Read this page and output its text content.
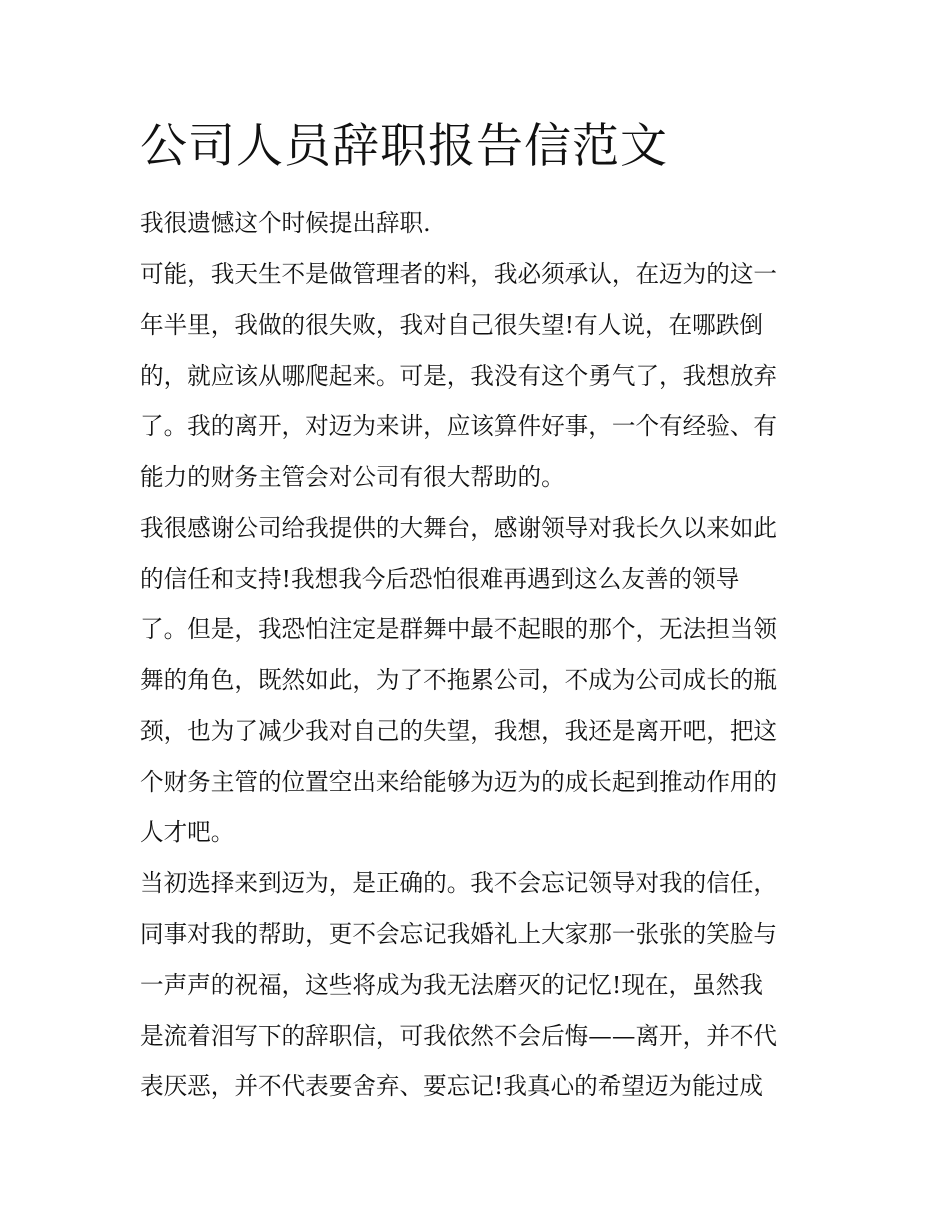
公司人员辞职报告信范文

我很遗憾这个时候提出辞职.

可能，我天生不是做管理者的料，我必须承认，在迈为的这一

年半里，我做的很失败，我对自己很失望!有人说，在哪跌倒

的，就应该从哪爬起来。可是，我没有这个勇气了，我想放弃

了。我的离开，对迈为来讲，应该算件好事，一个有经验、有

能力的财务主管会对公司有很大帮助的。

我很感谢公司给我提供的大舞台，感谢领导对我长久以来如此

的信任和支持!我想我今后恐怕很难再遇到这么友善的领导

了。但是，我恐怕注定是群舞中最不起眼的那个，无法担当领

舞的角色，既然如此，为了不拖累公司，不成为公司成长的瓶

颈，也为了减少我对自己的失望，我想，我还是离开吧，把这

个财务主管的位置空出来给能够为迈为的成长起到推动作用的

人才吧。

当初选择来到迈为，是正确的。我不会忘记领导对我的信任，

同事对我的帮助，更不会忘记我婚礼上大家那一张张的笑脸与

一声声的祝福，这些将成为我无法磨灭的记忆!现在，虽然我

是流着泪写下的辞职信，可我依然不会后悔——离开，并不代

表厌恶，并不代表要舍弃、要忘记!我真心的希望迈为能过成
